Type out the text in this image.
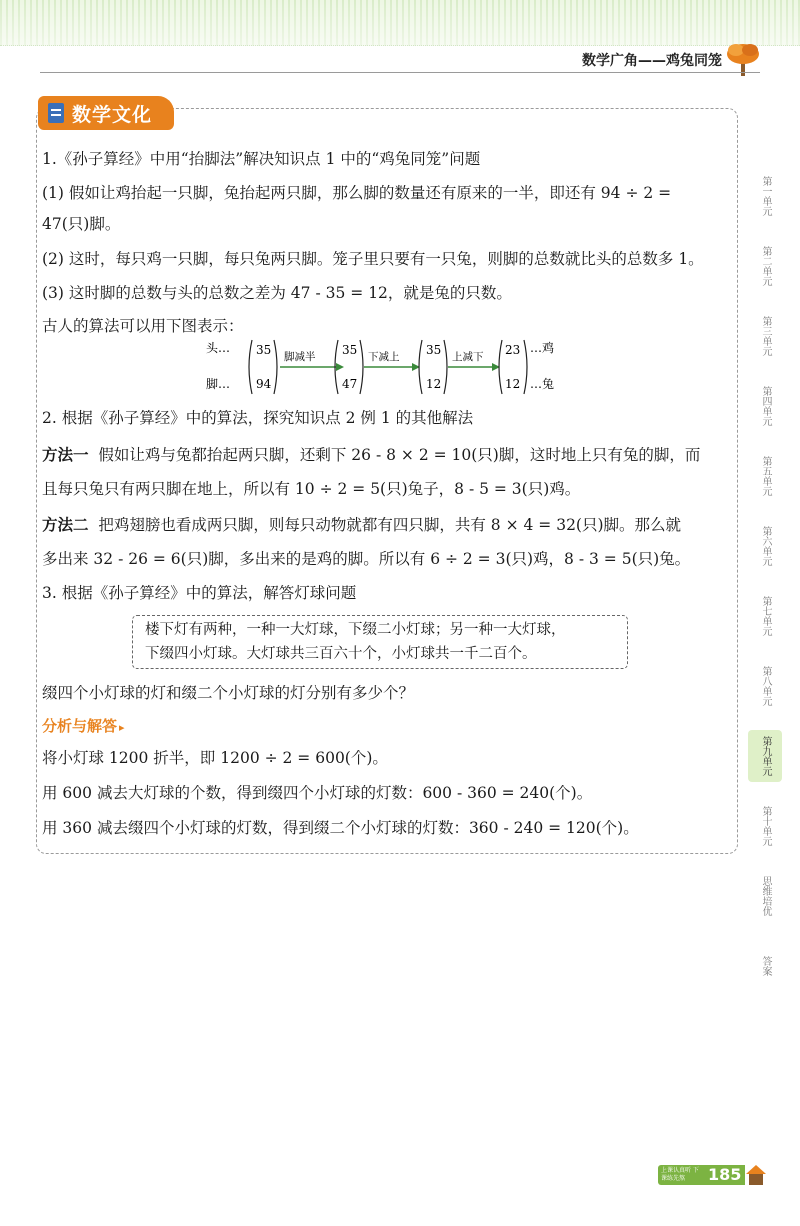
数学广角——鸡兔同笼
数学文化
1.《孙子算经》中用“抬脚法”解决知识点 1 中的“鸡兔同笼”问题
(1) 假如让鸡抬起一只脚，兔抬起两只脚，那么脚的数量还有原来的一半，即还有 94 ÷ 2 =
47(只)脚。
(2) 这时，每只鸡一只脚，每只兔两只脚。笼子里只要有一只兔，则脚的总数就比头的总数多 1。
(3) 这时脚的总数与头的总数之差为 47 - 35 = 12，就是兔的只数。
古人的算法可以用下图表示：
头…
脚…
35
94
脚减半 35
47
下减上 35
12
上减下 23
12
…鸡
…兔
2. 根据《孙子算经》中的算法，探究知识点 2 例 1 的其他解法
方法一 假如让鸡与兔都抬起两只脚，还剩下 26 - 8 × 2 = 10(只)脚，这时地上只有兔的脚，而
且每只兔只有两只脚在地上，所以有 10 ÷ 2 = 5(只)兔子，8 - 5 = 3(只)鸡。
方法二 把鸡翅膀也看成两只脚，则每只动物就都有四只脚，共有 8 × 4 = 32(只)脚。那么就
多出来 32 - 26 = 6(只)脚，多出来的是鸡的脚。所以有 6 ÷ 2 = 3(只)鸡，8 - 3 = 5(只)兔。
3. 根据《孙子算经》中的算法，解答灯球问题
楼下灯有两种，一种一大灯球，下缀二小灯球；另一种一大灯球，
下缀四小灯球。大灯球共三百六十个，小灯球共一千二百个。
缀四个小灯球的灯和缀二个小灯球的灯分别有多少个？
分析与解答 ▸
将小灯球 1200 折半，即 1200 ÷ 2 = 600(个)。
用 600 减去大灯球的个数，得到缀四个小灯球的灯数：600 - 360 = 240(个)。
用 360 减去缀四个小灯球的灯数，得到缀二个小灯球的灯数：360 - 240 = 120(个)。
第一单元
第二单元
第三单元
第四单元
第五单元
第六单元
第七单元
第八单元
第九单元
第十单元
思维培优
答案
上课认真听 下课练先熬	185
